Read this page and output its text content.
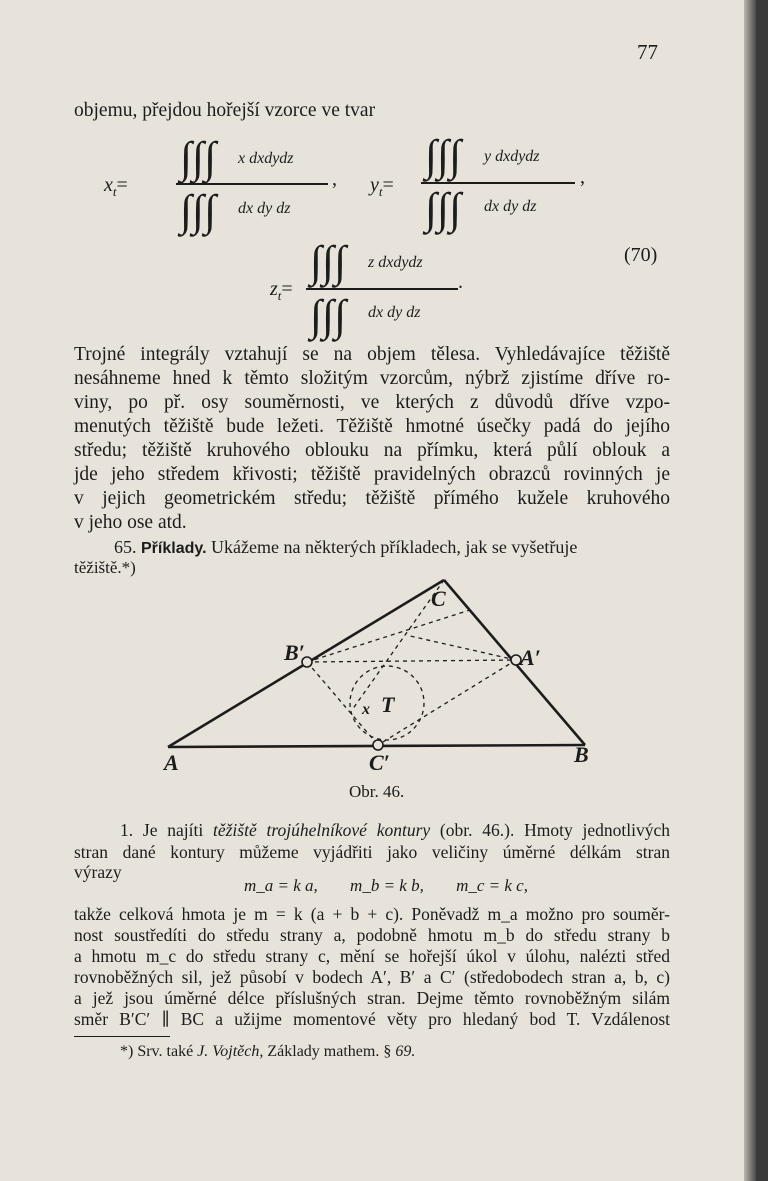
77
objemu, přejdou hořejší vzorce ve tvar
$x_t=$
∫∫∫ x dxdydz
∫∫∫ dx dy dz
, $y_t=$
∫∫∫ y dxdydz
∫∫∫ dx dy dz
,
(70)
$z_t=$
∫∫∫ z dxdydz
∫∫∫ dx dy dz
.
Trojné integrály vztahují se na objem tělesa. Vyhledávajíce těžiště
nesáhneme hned k těmto složitým vzorcům, nýbrž zjistíme dříve ro-
viny, po př. osy souměrnosti, ve kterých z důvodů dříve vzpo-
menutých těžiště bude ležeti. Těžiště hmotné úsečky padá do jejího
středu; těžiště kruhového oblouku na přímku, která půlí oblouk a
jde jeho středem křivosti; těžiště pravidelných obrazců rovinných je
v jejich geometrickém středu; těžiště přímého kužele kruhového
v jeho ose atd.
65. Příklady. Ukážeme na některých příkladech, jak se vyšetřuje
těžiště.*)
A	B
C
A′
B′
C′
T
x
Obr. 46.
1. Je najíti těžiště trojúhelníkové kontury (obr. 46.). Hmoty jednotlivých
stran dané kontury můžeme vyjádřiti jako veličiny úměrné délkám stran
výrazy
m_a = k a, m_b = k b, m_c = k c,
takže celková hmota je m = k (a + b + c). Poněvadž m_a možno pro souměr-
nost soustředíti do středu strany a, podobně hmotu m_b do středu strany b
a hmotu m_c do středu strany c, mění se hořejší úkol v úlohu, nalézti střed
rovnoběžných sil, jež působí v bodech A′, B′ a C′ (středobodech stran a, b, c)
a jež jsou úměrné délce příslušných stran. Dejme těmto rovnoběžným silám
směr B′C′ ∥ BC a užijme momentové věty pro hledaný bod T. Vzdálenost
*) Srv. také J. Vojtěch, Základy mathem. § 69.
